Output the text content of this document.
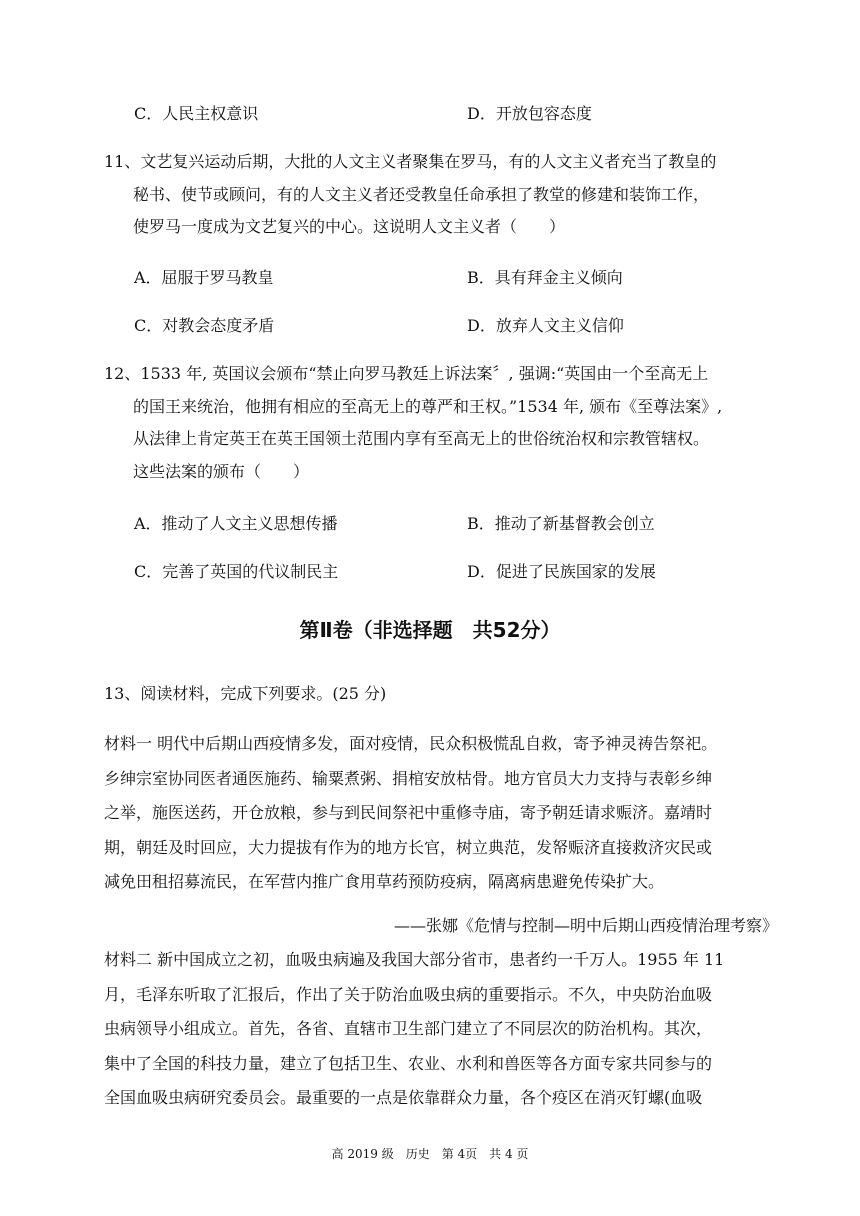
C．人民主权意识	D．开放包容态度
11、文艺复兴运动后期，大批的人文主义者聚集在罗马，有的人文主义者充当了教皇的
秘书、使节或顾问，有的人文主义者还受教皇任命承担了教堂的修建和装饰工作，
使罗马一度成为文艺复兴的中心。这说明人文主义者（　　）
A．屈服于罗马教皇	B．具有拜金主义倾向
C．对教会态度矛盾	D．放弃人文主义信仰
12、1533 年, 英国议会颁布“禁止向罗马教廷上诉法案〞, 强调:“英国由一个至高无上
的国王来统治，他拥有相应的至高无上的尊严和王权。”1534 年, 颁布《至尊法案》,
从法律上肯定英王在英王国领土范围内享有至高无上的世俗统治权和宗教管辖权。
这些法案的颁布（　　）
A．推动了人文主义思想传播	B．推动了新基督教会创立
C．完善了英国的代议制民主	D．促进了民族国家的发展
第Ⅱ卷（非选择题　共52分）
13、阅读材料，完成下列要求。(25 分)
材料一 明代中后期山西疫情多发，面对疫情，民众积极慌乱自救，寄予神灵祷告祭祀。
乡绅宗室协同医者通医施药、输粟煮粥、捐棺安放枯骨。地方官员大力支持与表彰乡绅
之举，施医送药，开仓放粮，参与到民间祭祀中重修寺庙，寄予朝廷请求赈济。嘉靖时
期，朝廷及时回应，大力提拔有作为的地方长官，树立典范，发帑赈济直接救济灾民或
减免田租招募流民，在军营内推广食用草药预防疫病，隔离病患避免传染扩大。
——张娜《危情与控制—明中后期山西疫情治理考察》
材料二 新中国成立之初，血吸虫病遍及我国大部分省市，患者约一千万人。1955 年 11
月，毛泽东听取了汇报后，作出了关于防治血吸虫病的重要指示。不久，中央防治血吸
虫病领导小组成立。首先，各省、直辖市卫生部门建立了不同层次的防治机构。其次，
集中了全国的科技力量，建立了包括卫生、农业、水利和兽医等各方面专家共同参与的
全国血吸虫病研究委员会。最重要的一点是依靠群众力量，各个疫区在消灭钉螺(血吸
高 2019 级　历史　第 4页　共 4 页
